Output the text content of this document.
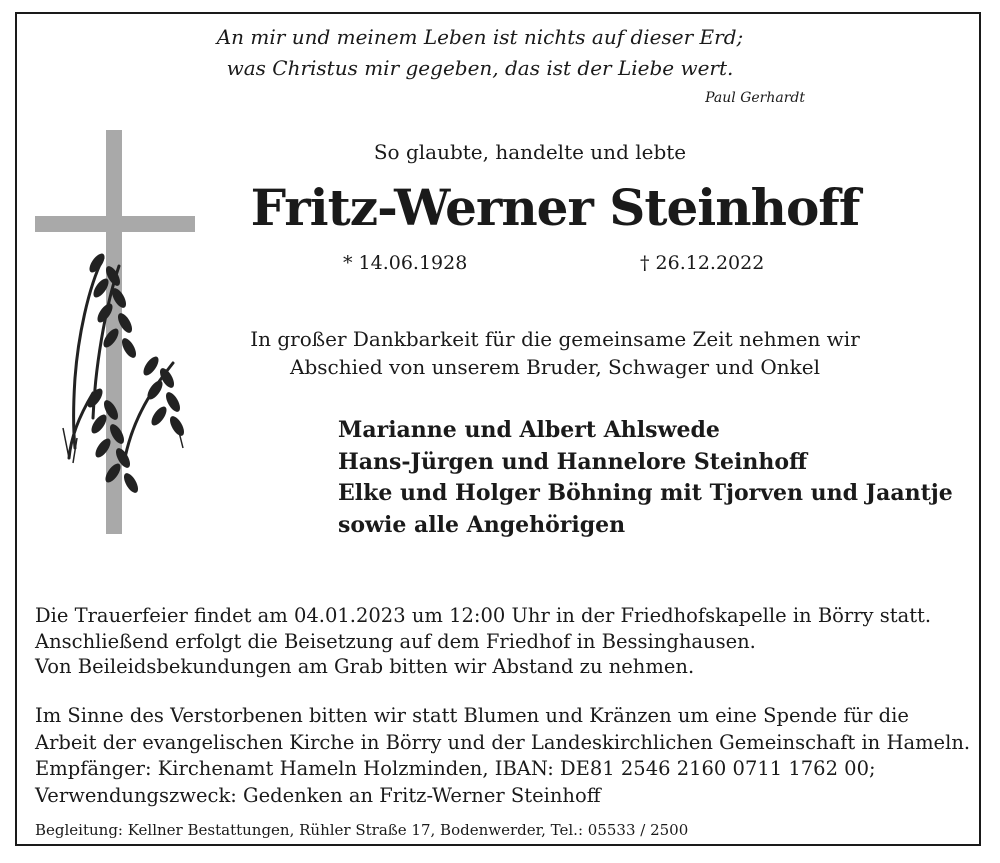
An mir und meinem Leben ist nichts auf dieser Erd;
was Christus mir gegeben, das ist der Liebe wert.
Paul Gerhardt
So glaubte, handelte und lebte
Fritz-Werner Steinhoff
* 14.06.1928	† 26.12.2022
In großer Dankbarkeit für die gemeinsame Zeit nehmen wir
Abschied von unserem Bruder, Schwager und Onkel
Marianne und Albert Ahlswede
Hans-Jürgen und Hannelore Steinhoff
Elke und Holger Böhning mit Tjorven und Jaantje
sowie alle Angehörigen
Die Trauerfeier findet am 04.01.2023 um 12:00 Uhr in der Friedhofskapelle in Börry statt.
Anschließend erfolgt die Beisetzung auf dem Friedhof in Bessinghausen.
Von Beileidsbekundungen am Grab bitten wir Abstand zu nehmen.
Im Sinne des Verstorbenen bitten wir statt Blumen und Kränzen um eine Spende für die
Arbeit der evangelischen Kirche in Börry und der Landeskirchlichen Gemeinschaft in Hameln.
Empfänger: Kirchenamt Hameln Holzminden, IBAN: DE81 2546 2160 0711 1762 00;
Verwendungszweck: Gedenken an Fritz-Werner Steinhoff
Begleitung: Kellner Bestattungen, Rühler Straße 17, Bodenwerder, Tel.: 05533 / 2500
